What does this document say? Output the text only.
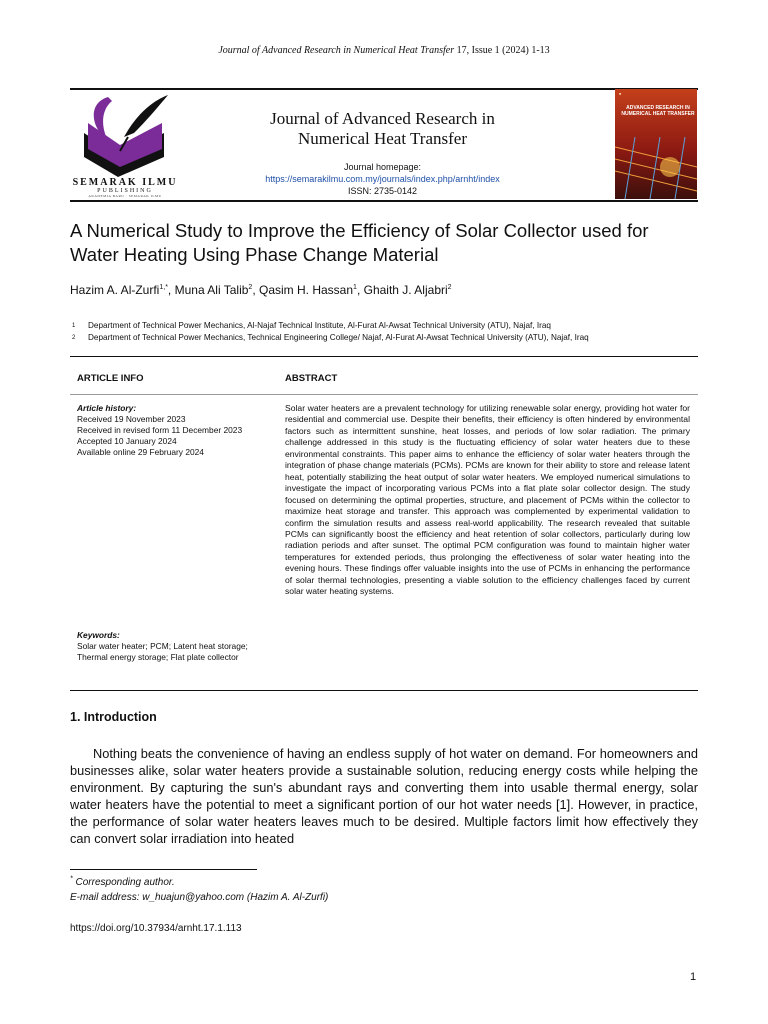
Journal of Advanced Research in Numerical Heat Transfer 17, Issue 1 (2024) 1-13
SEMARAK ILMU
PUBLISHING
AKADEMIA BARU · SEMARAK ILMU
Journal of Advanced Research in
Numerical Heat Transfer
Journal homepage:
https://semarakilmu.com.my/journals/index.php/arnht/index
ISSN: 2735-0142
■
ADVANCED RESEARCH IN NUMERICAL HEAT TRANSFER
A Numerical Study to Improve the Efficiency of Solar Collector used for
Water Heating Using Phase Change Material
Hazim A. Al-Zurfi$^{1,*}$, Muna Ali Talib$^2$, Qasim H. Hassan$^1$, Ghaith J. Aljabri$^2$
1 Department of Technical Power Mechanics, Al-Najaf Technical Institute, Al-Furat Al-Awsat Technical University (ATU), Najaf, Iraq
2 Department of Technical Power Mechanics, Technical Engineering College/ Najaf, Al-Furat Al-Awsat Technical University (ATU), Najaf, Iraq
ARTICLE INFO	ABSTRACT
Article history:
Received 19 November 2023
Received in revised form 11 December 2023
Accepted 10 January 2024
Available online 29 February 2024
Keywords:
Solar water heater; PCM; Latent heat storage; Thermal energy storage; Flat plate collector
Solar water heaters are a prevalent technology for utilizing renewable solar energy, providing hot water for residential and commercial use. Despite their benefits, their efficiency is often hindered by environmental factors such as intermittent sunshine, heat losses, and periods of low solar radiation. The primary challenge addressed in this study is the fluctuating efficiency of solar water heaters due to these environmental constraints. This paper aims to enhance the efficiency of solar water heaters through the integration of phase change materials (PCMs). PCMs are known for their ability to store and release latent heat, potentially stabilizing the heat output of solar water heaters. We employed numerical simulations to investigate the impact of incorporating various PCMs into a flat plate solar collector design. The study focused on determining the optimal properties, structure, and placement of PCMs within the collector to maximize heat storage and transfer. This approach was complemented by experimental validation to confirm the simulation results and assess real-world applicability. The research revealed that suitable PCMs can significantly boost the efficiency and heat retention of solar collectors, particularly during low radiation periods and after sunset. The optimal PCM configuration was found to maintain higher water temperatures for extended periods, thus prolonging the effectiveness of solar water heating into the evening hours. These findings offer valuable insights into the use of PCMs in enhancing the performance of solar thermal technologies, presenting a viable solution to the efficiency challenges faced by current solar water heating systems.
1. Introduction
Nothing beats the convenience of having an endless supply of hot water on demand. For homeowners and businesses alike, solar water heaters provide a sustainable solution, reducing energy costs while helping the environment. By capturing the sun's abundant rays and converting them into usable thermal energy, solar water heaters have the potential to meet a significant portion of our hot water needs [1]. However, in practice, the performance of solar water heaters leaves much to be desired. Multiple factors limit how effectively they can convert solar irradiation into heated
* Corresponding author.
E-mail address: w_huajun@yahoo.com (Hazim A. Al-Zurfi)
https://doi.org/10.37934/arnht.17.1.113
1
